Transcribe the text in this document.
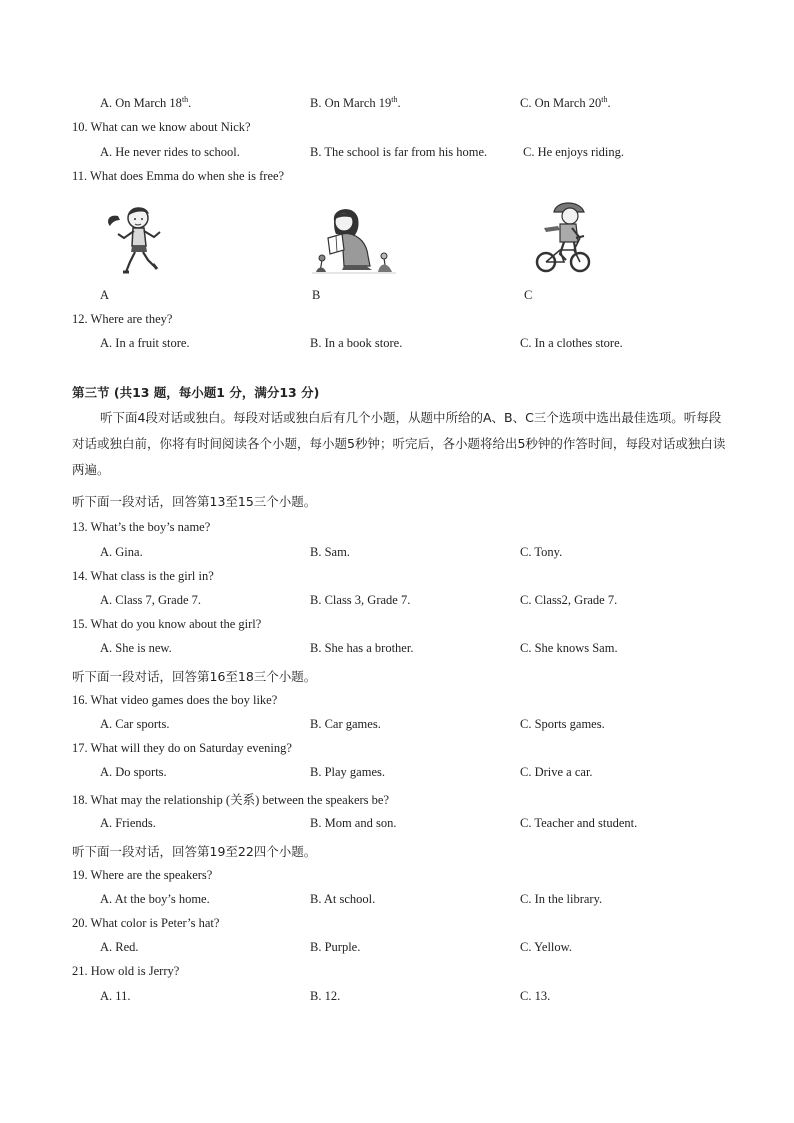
A. On March 18th.	B. On March 19th.	C. On March 20th.
10. What can we know about Nick?
A. He never rides to school.	B. The school is far from his home.	C. He enjoys riding.
11. What does Emma do when she is free?
A	B	C
12. Where are they?
A. In a fruit store.	B. In a book store.	C. In a clothes store.
第三节 (共13 题，每小题1 分，满分13 分)
听下面4段对话或独白。每段对话或独白后有几个小题，从题中所给的A、B、C三个选项中选出最佳选项。听每段对话或独白前，你将有时间阅读各个小题，每小题5秒钟；听完后，各小题将给出5秒钟的作答时间，每段对话或独白读两遍。
听下面一段对话，回答第13至15三个小题。
13. What’s the boy’s name?
A. Gina.	B. Sam.	C. Tony.
14. What class is the girl in?
A. Class 7, Grade 7.	B. Class 3, Grade 7.	C. Class2, Grade 7.
15. What do you know about the girl?
A. She is new.	B. She has a brother.	C. She knows Sam.
听下面一段对话，回答第16至18三个小题。
16. What video games does the boy like?
A. Car sports.	B. Car games.	C. Sports games.
17. What will they do on Saturday evening?
A. Do sports.	B. Play games.	C. Drive a car.
18. What may the relationship (关系) between the speakers be?
A. Friends.	B. Mom and son.	C. Teacher and student.
听下面一段对话，回答第19至22四个小题。
19. Where are the speakers?
A. At the boy’s home.	B. At school.	C. In the library.
20. What color is Peter’s hat?
A. Red.	B. Purple.	C. Yellow.
21. How old is Jerry?
A. 11.	B. 12.	C. 13.
